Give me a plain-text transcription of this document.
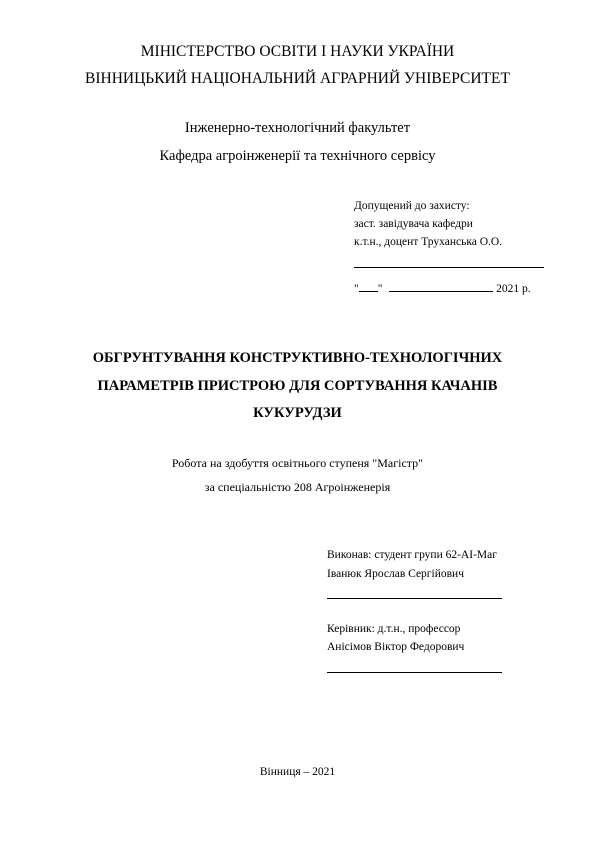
МІНІСТЕРСТВО ОСВІТИ І НАУКИ УКРАЇНИ
ВІННИЦЬКИЙ НАЦІОНАЛЬНИЙ АГРАРНИЙ УНІВЕРСИТЕТ
Інженерно-технологічний факультет
Кафедра агроінженерії та технічного сервісу
Допущений до захисту:
заст. завідувача кафедри
к.т.н., доцент Труханська О.О.
" "	2021 р.
ОБГРУНТУВАННЯ КОНСТРУКТИВНО-ТЕХНОЛОГІЧНИХ
ПАРАМЕТРІВ ПРИСТРОЮ ДЛЯ СОРТУВАННЯ КАЧАНІВ
КУКУРУДЗИ
Робота на здобуття освітнього ступеня "Магістр"
за спеціальністю 208 Агроінженерія
Виконав: студент групи 62-АІ-Маг
Іванюк Ярослав Сергійович
Керівник: д.т.н., профессор
Анісімов Віктор Федорович
Вінниця – 2021
